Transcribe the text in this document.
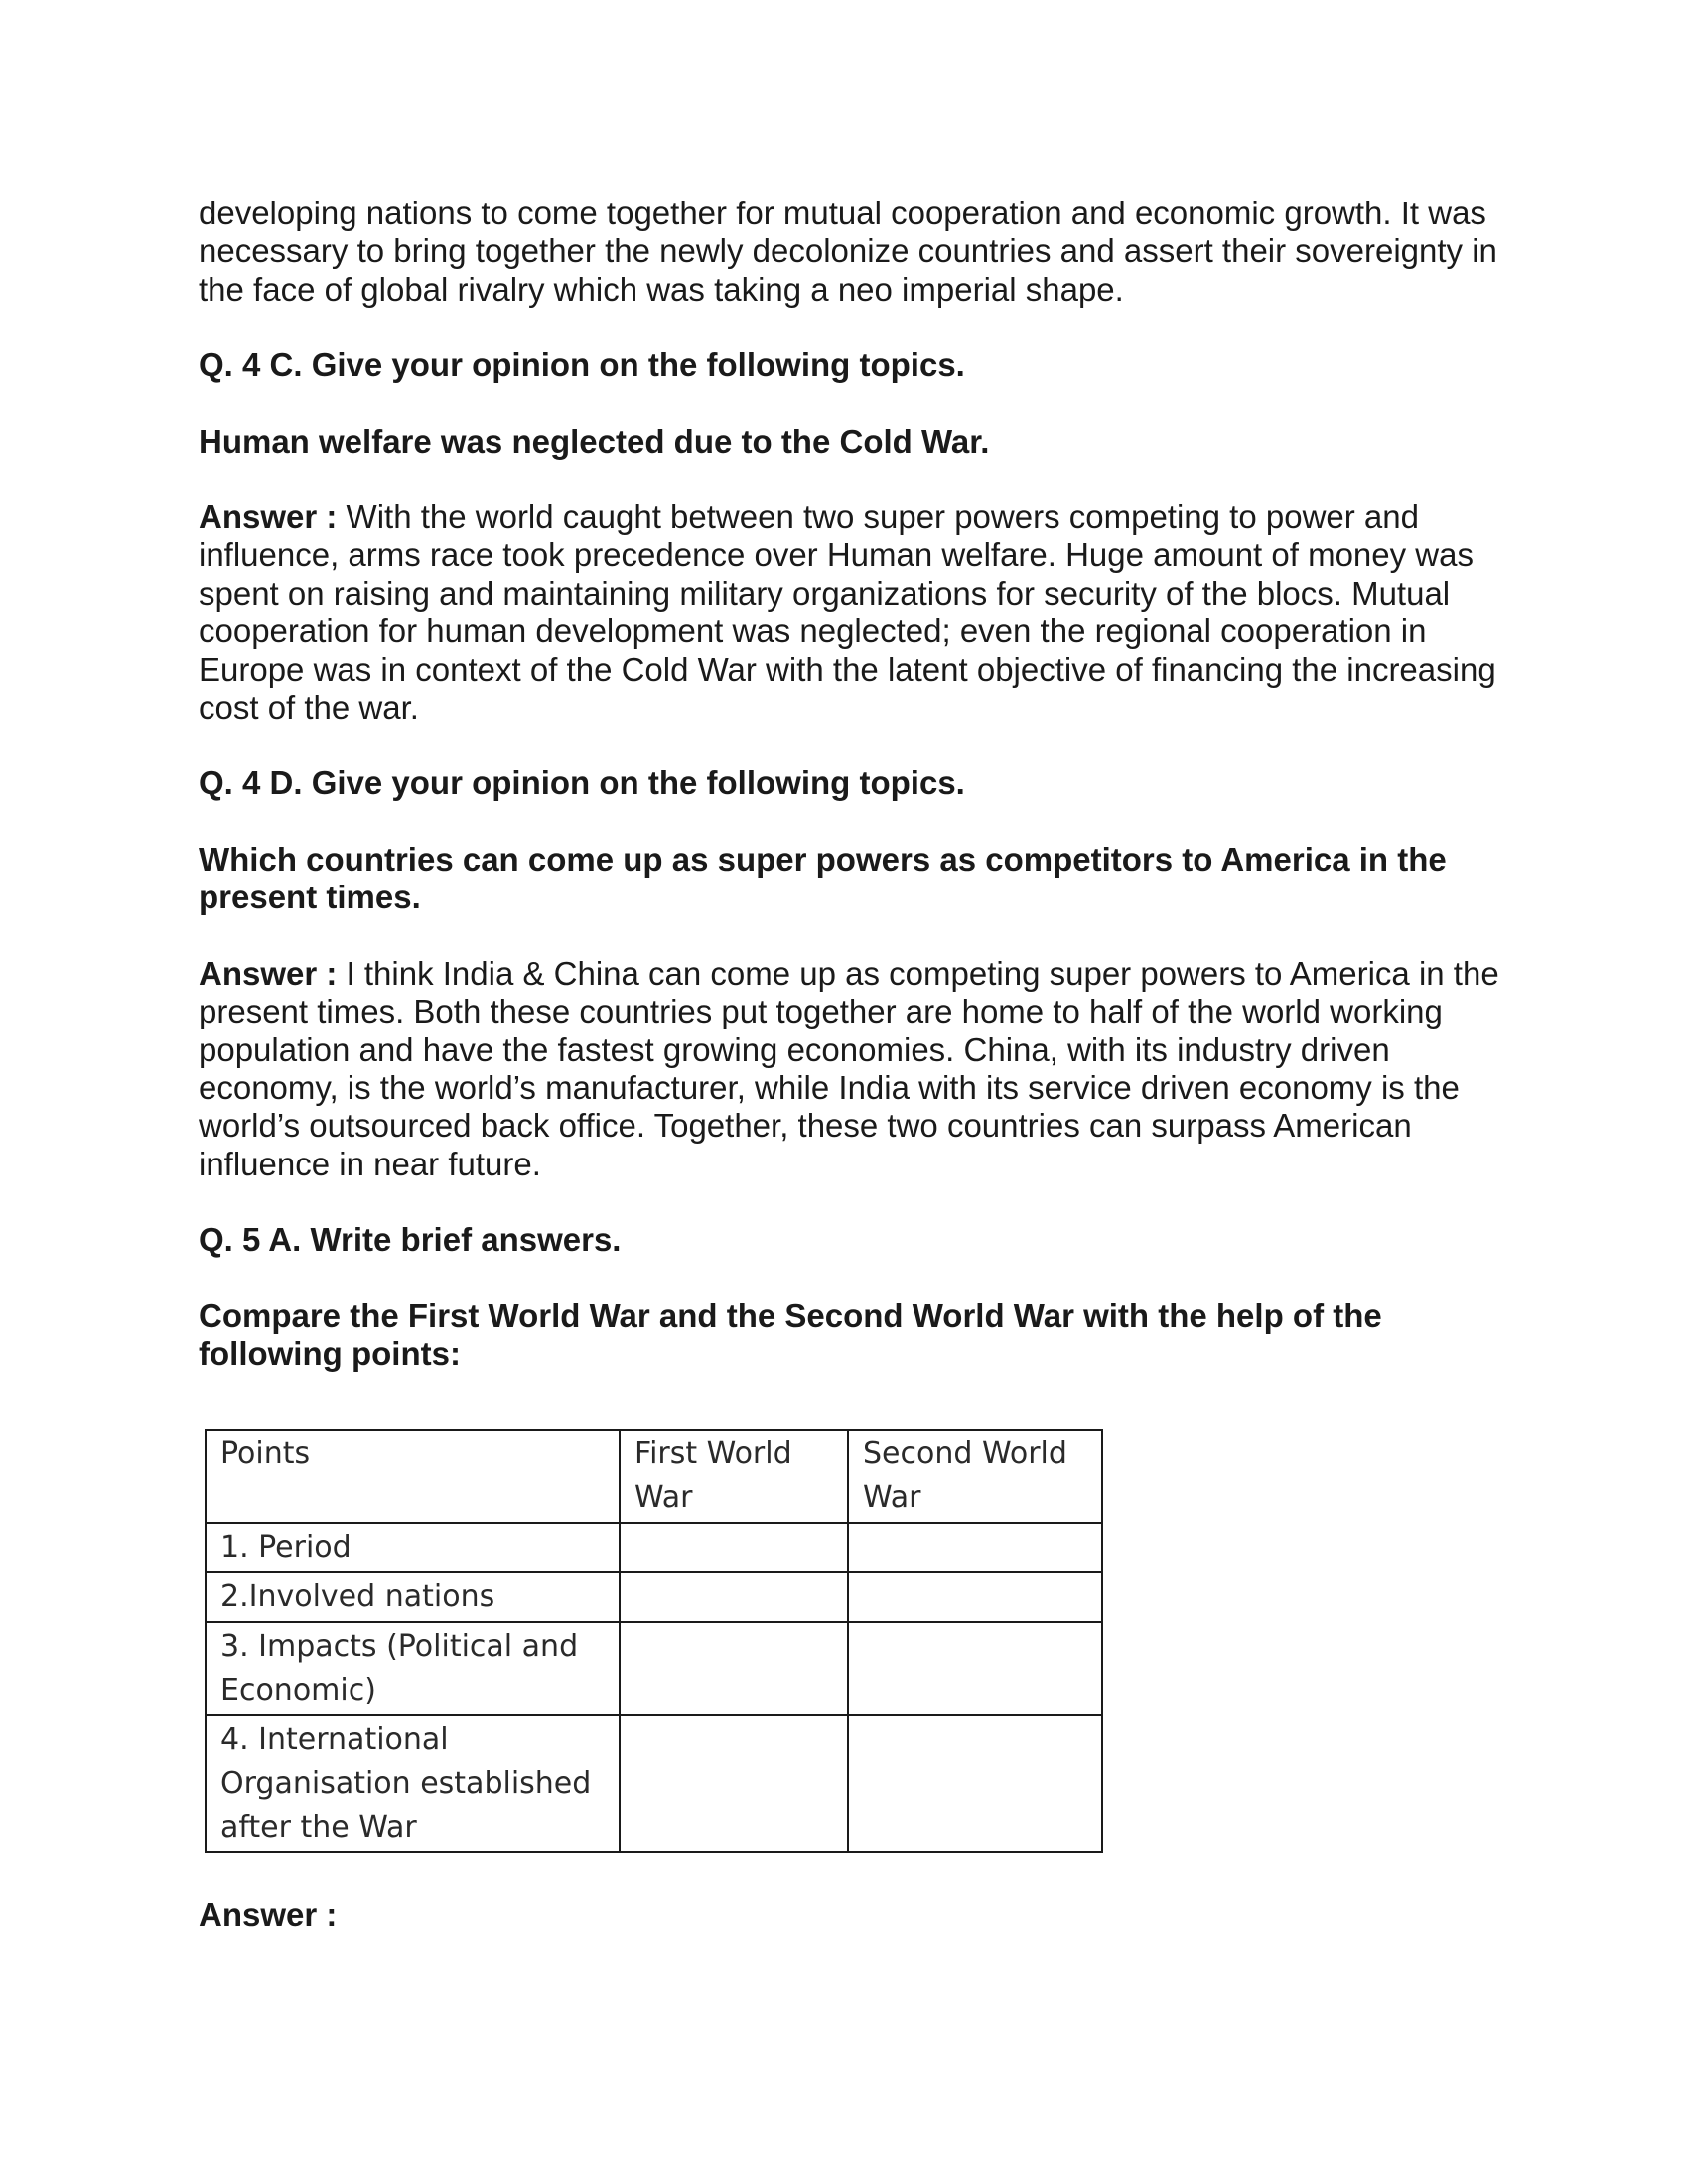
developing nations to come together for mutual cooperation and economic growth. It was necessary to bring together the newly decolonize countries and assert their sovereignty in the face of global rivalry which was taking a neo imperial shape.

Q. 4 C. Give your opinion on the following topics.

Human welfare was neglected due to the Cold War.

Answer : With the world caught between two super powers competing to power and influence, arms race took precedence over Human welfare. Huge amount of money was spent on raising and maintaining military organizations for security of the blocs. Mutual cooperation for human development was neglected; even the regional cooperation in Europe was in context of the Cold War with the latent objective of financing the increasing cost of the war.

Q. 4 D. Give your opinion on the following topics.

Which countries can come up as super powers as competitors to America in the present times.

Answer : I think India & China can come up as competing super powers to America in the present times. Both these countries put together are home to half of the world working population and have the fastest growing economies. China, with its industry driven economy, is the world’s manufacturer, while India with its service driven economy is the world’s outsourced back office. Together, these two countries can surpass American influence in near future.

Q. 5 A. Write brief answers.

Compare the First World War and the Second World War with the help of the following points:

Points	First World War	Second World War
1. Period		
2.Involved nations		
3. Impacts (Political and Economic)		
4. International Organisation established after the War		
Answer :
